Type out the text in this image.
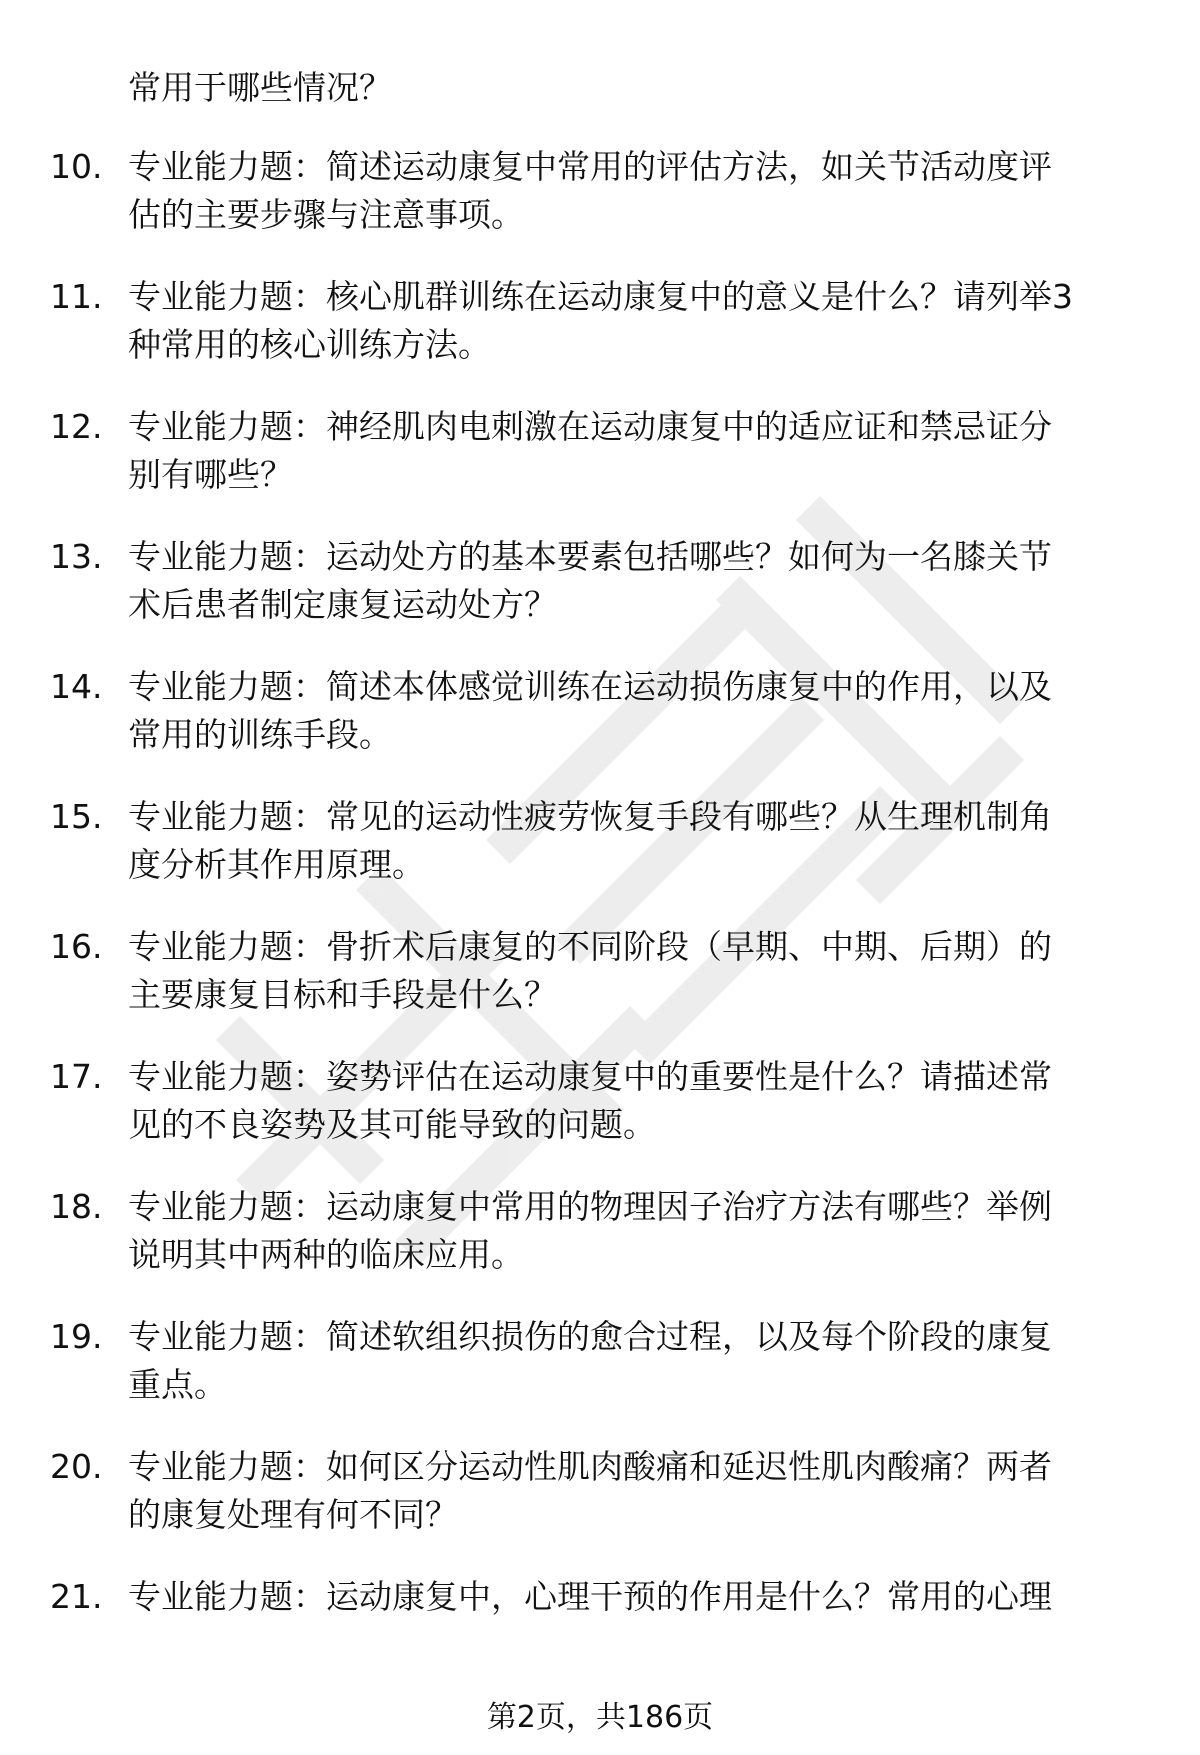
常用于哪些情况？
10. 专业能力题：简述运动康复中常用的评估方法，如关节活动度评
估的主要步骤与注意事项。
11. 专业能力题：核心肌群训练在运动康复中的意义是什么？请列举3
种常用的核心训练方法。
12. 专业能力题：神经肌肉电刺激在运动康复中的适应证和禁忌证分
别有哪些？
13. 专业能力题：运动处方的基本要素包括哪些？如何为一名膝关节
术后患者制定康复运动处方？
14. 专业能力题：简述本体感觉训练在运动损伤康复中的作用，以及
常用的训练手段。
15. 专业能力题：常见的运动性疲劳恢复手段有哪些？从生理机制角
度分析其作用原理。
16. 专业能力题：骨折术后康复的不同阶段（早期、中期、后期）的
主要康复目标和手段是什么？
17. 专业能力题：姿势评估在运动康复中的重要性是什么？请描述常
见的不良姿势及其可能导致的问题。
18. 专业能力题：运动康复中常用的物理因子治疗方法有哪些？举例
说明其中两种的临床应用。
19. 专业能力题：简述软组织损伤的愈合过程，以及每个阶段的康复
重点。
20. 专业能力题：如何区分运动性肌肉酸痛和延迟性肌肉酸痛？两者
的康复处理有何不同？
21. 专业能力题：运动康复中，心理干预的作用是什么？常用的心理
第2页，共186页
